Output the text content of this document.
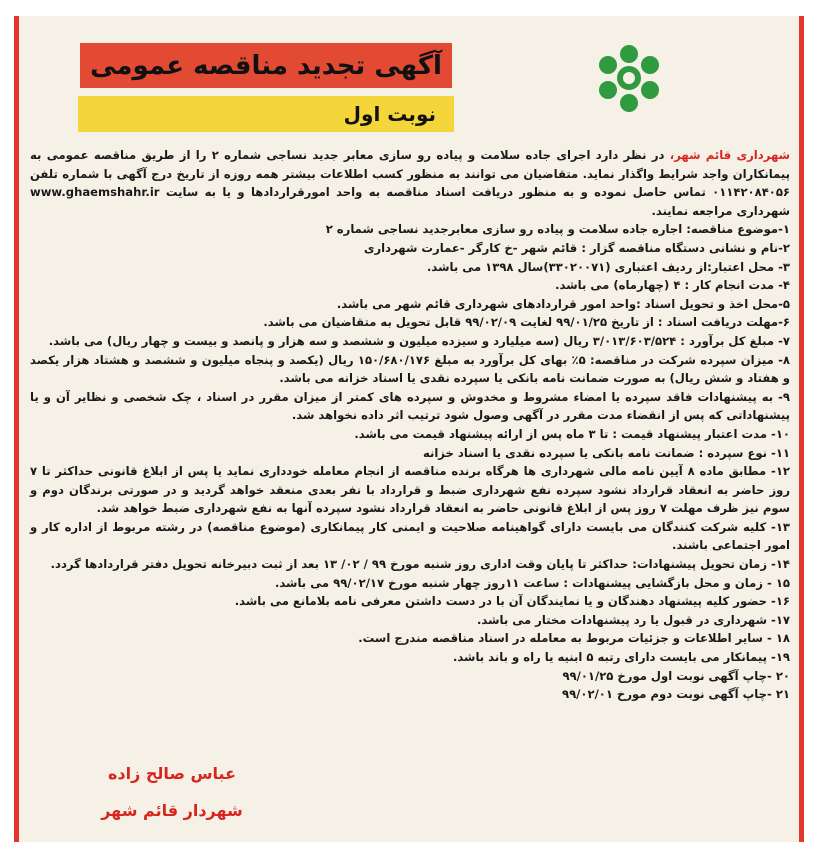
آگهی تجدید مناقصه عمومی
نوبت اول

شهرداری قائم شهر، در نظر دارد اجرای جاده سلامت و پیاده رو سازی معابر جدید نساجی شماره ۲ را از طریق مناقصه عمومی به پیمانکاران واجد شرایط واگذار نماید. متقاضیان می توانند به منظور کسب اطلاعات بیشتر همه روزه از تاریخ درج آگهی با شماره تلفن ۰۱۱۴۲۰۸۴۰۵۶ تماس حاصل نموده و به منظور دریافت اسناد مناقصه به واحد امورقراردادها و یا به سایت www.ghaemshahr.ir شهرداری مراجعه نمایند.

۱-موضوع مناقصه: اجاره جاده سلامت و پیاده رو سازی معابرجدید نساجی شماره ۲

۲-نام و نشانی دستگاه مناقصه گزار : قائم شهر -خ کارگر -عمارت شهرداری

۳- محل اعتبار:از ردیف اعتباری (۳۳۰۲۰۰۷۱)سال ۱۳۹۸ می باشد.

۴- مدت انجام کار : ۴ (چهارماه) می باشد.

۵-محل اخذ و تحویل اسناد :واحد امور قراردادهای شهرداری قائم شهر می باشد.

۶-مهلت دریافت اسناد : از تاریخ ۹۹/۰۱/۲۵ لغایت ۹۹/۰۲/۰۹ قابل تحویل به متقاضیان می باشد.

۷- مبلغ کل برآورد : ۳/۰۱۳/۶۰۳/۵۲۴ ریال (سه میلیارد و سیزده میلیون و ششصد و سه هزار و پانصد و بیست و چهار ریال) می باشد.

۸- میزان سپرده شرکت در مناقصه: ۵٪ بهای کل برآورد به مبلغ ۱۵۰/۶۸۰/۱۷۶ ریال (یکصد و پنجاه میلیون و ششصد و هشتاد هزار یکصد و هفتاد و شش ریال) به صورت ضمانت نامه بانکی یا سپرده نقدی یا اسناد خزانه می باشد.

۹- به پیشنهادات فاقد سپرده یا امضاء مشروط و مخدوش و سپرده های کمتر از میزان مقرر در اسناد ، چک شخصی و نظایر آن و یا پیشنهاداتی که پس از انقضاء مدت مقرر در آگهی وصول شود ترتیب اثر داده نخواهد شد.

۱۰- مدت اعتبار پیشنهاد قیمت : تا ۳ ماه پس از ارائه پیشنهاد قیمت می باشد.

۱۱- نوع سپرده : ضمانت نامه بانکی یا سپرده نقدی یا اسناد خزانه

۱۲- مطابق ماده ۸ آیین نامه مالی شهرداری ها هرگاه برنده مناقصه از انجام معامله خودداری نماید یا پس از ابلاغ قانونی حداکثر تا ۷ روز حاضر به انعقاد قرارداد نشود سپرده نفع شهرداری ضبط و قرارداد با نفر بعدی منعقد خواهد گردید و در صورتی برندگان دوم و سوم نیز ظرف مهلت ۷ روز پس از ابلاغ قانونی حاضر به انعقاد قرارداد نشود سپرده آنها به نفع شهرداری ضبط خواهد شد.

۱۳- کلیه شرکت کنندگان می بایست دارای گواهینامه صلاحیت و ایمنی کار پیمانکاری (موضوع مناقصه) در رشته مربوط از اداره کار و امور اجتماعی باشند.

۱۴- زمان تحویل پیشنهادات: حداکثر تا پایان وقت اداری روز شنبه مورخ ۹۹ / ۰۲/ ۱۳ بعد از ثبت دبیرخانه تحویل دفتر قراردادها گردد.

۱۵ - زمان و محل بازگشایی پیشنهادات : ساعت ۱۱روز چهار شنبه مورخ ۹۹/۰۲/۱۷ می باشد.

۱۶- حضور کلیه پیشنهاد دهندگان و یا نمایندگان آن با در دست داشتن معرفی نامه بلامانع می باشد.

۱۷- شهرداری در قبول یا رد پیشنهادات مختار می باشد.

۱۸ - سایر اطلاعات و جزئیات مربوط به معامله در اسناد مناقصه مندرج است.

۱۹- پیمانکار می بایست دارای رتبه ۵ ابنیه یا راه و باند باشد.

۲۰ -چاپ آگهی نوبت اول مورخ ۹۹/۰۱/۲۵

۲۱ -چاپ آگهی نوبت دوم مورخ ۹۹/۰۲/۰۱

عباس صالح زاده
شهردار قائم شهر
